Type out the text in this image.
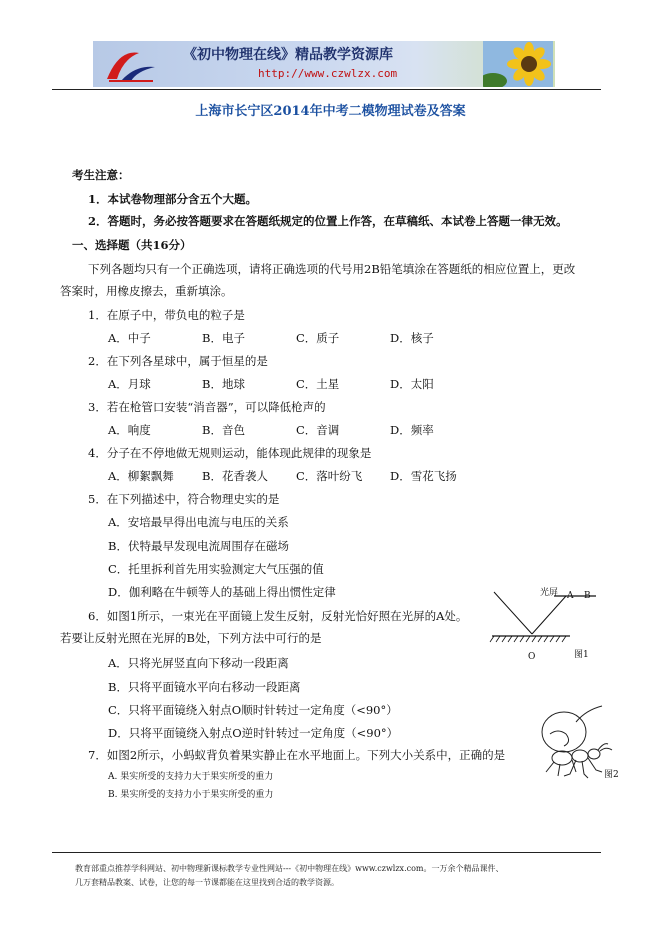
《初中物理在线》精品教学资源库
http://www.czwlzx.com
上海市长宁区2014年中考二模物理试卷及答案
考生注意：
1．本试卷物理部分含五个大题。
2．答题时，务必按答题要求在答题纸规定的位置上作答，在草稿纸、本试卷上答题一律无效。
一、选择题（共16分）
下列各题均只有一个正确选项，请将正确选项的代号用2B铅笔填涂在答题纸的相应位置上，更改
答案时，用橡皮擦去，重新填涂。
1．在原子中，带负电的粒子是
A．中子	B．电子	C．质子	D．核子
2．在下列各星球中，属于恒星的是
A．月球	B．地球	C．土星	D．太阳
3．若在枪管口安装“消音器”，可以降低枪声的
A．响度	B．音色	C．音调	D．频率
4．分子在不停地做无规则运动，能体现此规律的现象是
A．柳絮飘舞 B．花香袭人 C．落叶纷飞 D．雪花飞扬
5．在下列描述中，符合物理史实的是
A．安培最早得出电流与电压的关系
B．伏特最早发现电流周围存在磁场
C．托里拆利首先用实验测定大气压强的值
D．伽利略在牛顿等人的基础上得出惯性定律
6．如图1所示，一束光在平面镜上发生反射，反射光恰好照在光屏的A处。
若要让反射光照在光屏的B处，下列方法中可行的是
A．只将光屏竖直向下移动一段距离
B．只将平面镜水平向右移动一段距离
C．只将平面镜绕入射点O顺时针转过一定角度（<90°）
D．只将平面镜绕入射点O逆时针转过一定角度（<90°）
光屏 A B
O	图1
7．如图2所示，小蚂蚁背负着果实静止在水平地面上。下列大小关系中，正确的是
A. 果实所受的支持力大于果实所受的重力
B. 果实所受的支持力小于果实所受的重力
图2
教育部重点推荐学科网站、初中物理新课标教学专业性网站---《初中物理在线》www.czwlzx.com。一万余个精品课件、
几万套精品教案、试卷，让您的每一节课都能在这里找到合适的教学资源。
